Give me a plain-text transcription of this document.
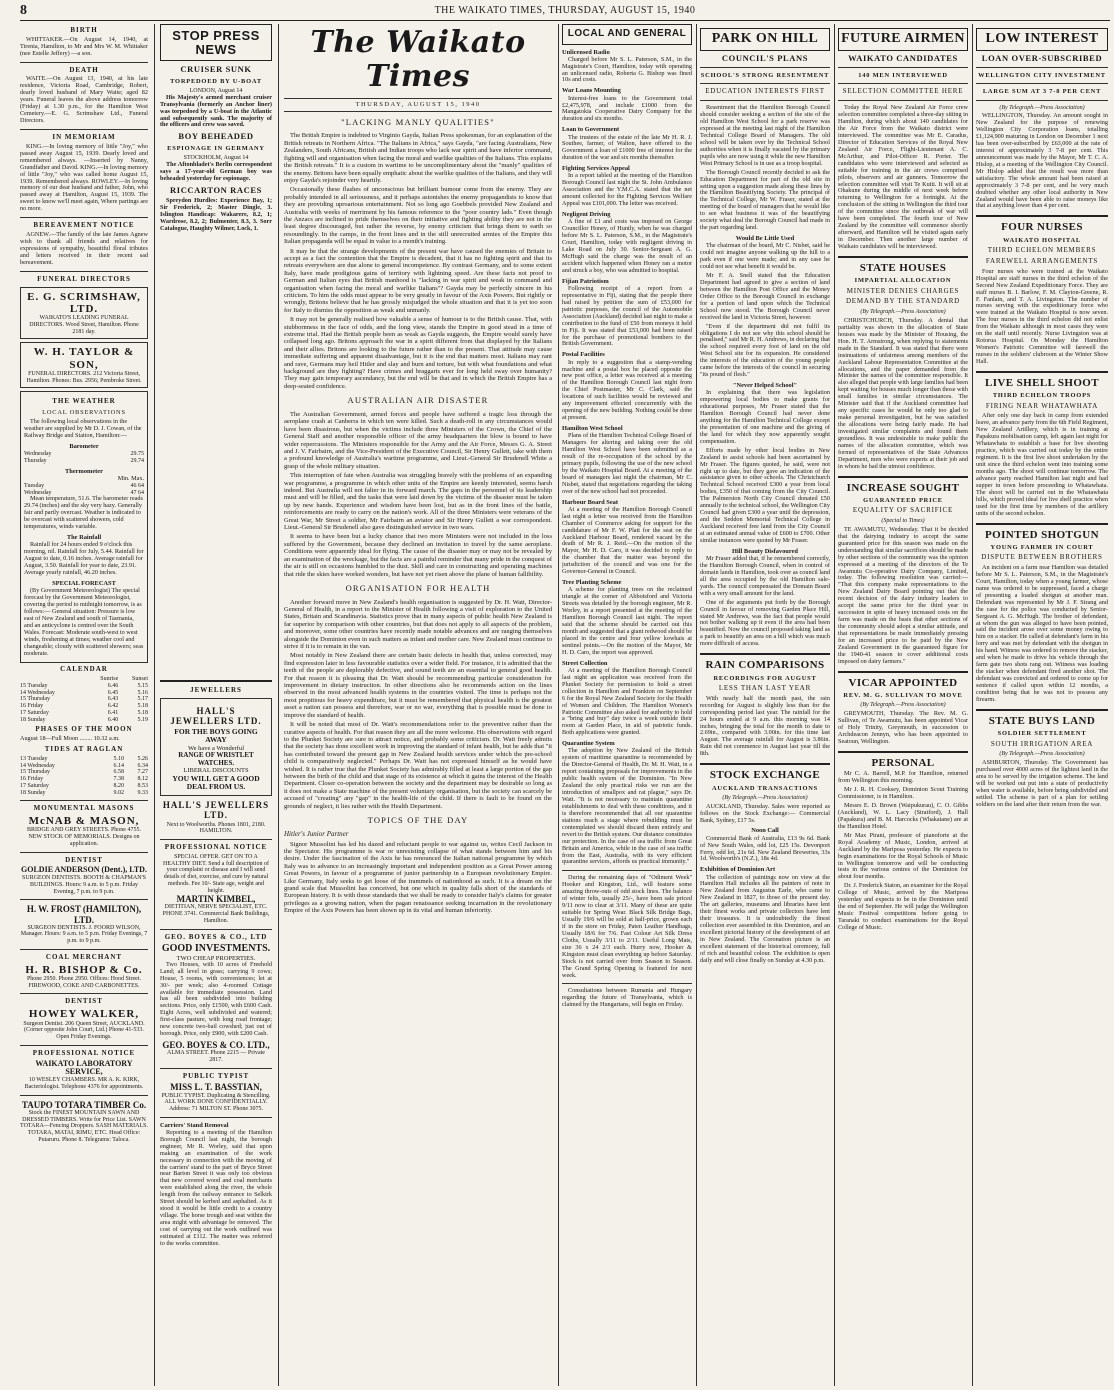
8	THE WAIKATO TIMES, THURSDAY, AUGUST 15, 1940
BIRTH

WHITTAKER.—On August 14, 1940, at Tirenia, Hamilton, to Mr and Mrs W. M. Whittaker (nee Estelle Jeffery) —a son.

DEATH

WAITE.—On August 13, 1940, at his late residence, Victoria Road, Cambridge, Robert, dearly loved husband of Mary Waite; aged 82 years. Funeral leaves the above address tomorrow (Friday) at 1.30 p.m., for the Hamilton West Cemetery.—E. G. Scrimshaw Ltd., Funeral Directors.

IN MEMORIAM

KING.—In loving memory of little "Joy," who passed away August 15, 1939. Dearly loved and remembered always. —Inserted by Nanny, Grandfather and David. KING.—In loving memory of little "Joy," who was called home August 15, 1939. Remembered always. ROWLEY.—In loving memory of our dear husband and father, John, who passed away at Hamilton, August 15, 1939. The sweet to know we'll meet again, Where partings are no more.

BEREAVEMENT NOTICE

AGNEW.—The family of the late James Agnew wish to thank all friends and relatives for expressions of sympathy, beautiful floral tributes and letters received in their recent sad bereavement.

FUNERAL DIRECTORS
E. G. SCRIMSHAW, LTD.
WAIKATO'S LEADING FUNERAL DIRECTORS. Wood Street, Hamilton. Phone 2181 day.
W. H. TAYLOR & SON,
FUNERAL DIRECTORS. 212 Victoria Street, Hamilton. Phones: Bus. 2956; Pembroke Street.
THE WEATHER
LOCAL OBSERVATIONS

The following local observations in the weather are supplied by Mr D. J. Cowan, of the Railway Bridge and Station, Hamilton:—

Barometer
Wednesday	29.75
Thursday	29.74
Thermometer
Min. Max.
Tuesday	46 64
Wednesday	47 64

Mean temperature, 51.6. The barometer reads 29.74 (inches) and the sky very hazy. Generally fair and partly overcast. Weather is indicated to be overcast with scattered showers, cold temperatures, winds variable.

The Rainfall

Rainfall for 24 hours ended 9 o'clock this morning, nil. Rainfall for July, 5.44. Rainfall for August to date, 0.16 inches. Average rainfall for August, 3.50. Rainfall for year to date, 23.91. Average yearly rainfall, 46.20 inches.

SPECIAL FORECAST

(By Government Meteorologist) The special forecast by the Government Meteorologist, covering the period to midnight tomorrow, is as follows:— General situation: Pressure is low east of New Zealand and south of Tasmania, and an anticyclone is centred over the South Wales. Forecast: Moderate south-west to west winds, freshening at times; weather cool and changeable; cloudy with scattered showers; seas moderate.

CALENDAR
	Sunrise	Sunset
15 Tuesday	6.46	5.15
14 Wednesday	6.45	5.16
15 Thursday	6.43	5.17
16 Friday	6.42	5.18
17 Saturday	6.41	5.18
18 Sunday	6.40	5.19
PHASES OF THE MOON
August 18—Full Moon ........ 10.32 a.m.
TIDES AT RAGLAN
13 Tuesday	5.10	5.26
14 Wednesday	6.14	6.34
15 Thursday	6.58	7.27
16 Friday	7.38	8.12
17 Saturday	8.20	8.53
18 Sunday	9.02	9.33
MONUMENTAL MASONS
McNAB & MASON,
BRIDGE AND GREY STREETS. Phone 4755. NEW STOCK OF MEMORIALS. Designs on application.
DENTIST
GOLDIE ANDERSON (Dent.), LTD.
SURGEON DENTISTS. BOOTH & CHAPMAN'S BUILDINGS. Hours: 9 a.m. to 5 p.m. Friday Evening, 7 p.m. to 9 p.m.
H. W. FROST (HAMILTON), LTD.
SURGEON DENTISTS. J. FOORD WILSON, Manager. Hours: 9 a.m. to 5 p.m. Friday Evenings, 7 p.m. to 9 p.m.
COAL MERCHANT
H. R. BISHOP & Co.
Phone 2950. Phone 2950. Offices: Hood Street. FIREWOOD, COKE AND CARBONETTES.
DENTIST
HOWEY WALKER,
Surgeon Dentist. 206 Queen Street, AUCKLAND. (Corner opposite John Court, Ltd.) Phone 41-533. Open Friday Evenings.
PROFESSIONAL NOTICE
WAIKATO LABORATORY SERVICE,
10 WESLEY CHAMBERS. MR A. K. KIRK, Bacteriologist. Telephone 4376 for appointments.
TAUPO TOTARA TIMBER Co.
Stock the FINEST MOUNTAIN SAWN AND DRESSED TIMBERS. Write for Price List. SAWN TOTARA—Fencing Droppers. SASH MATERIALS. TOTARA, MATAI, RIMU, ETC. Head Office: Putaruru. Phone 8. Telegrams: Taloca.
STOP PRESS NEWS
CRUISER SUNK
TORPEDOED BY U-BOAT
LONDON, August 14

His Majesty's armed merchant cruiser Transylvania (formerly an Anchor liner) was torpedoed by a U-boat in the Atlantic and subsequently sank. The majority of the officers and crew was saved.

BOY BEHEADED
ESPIONAGE IN GERMANY
STOCKHOLM, August 14

The Aftonbladet's Berlin correspondent says a 17-year-old German boy was beheaded yesterday for espionage.

RICCARTON RACES

Spreydon Hurdles: Experience Bay, 1; Sir Frederick, 2; Master Dingle, 3. Islington Handicap: Wakarere, 8.2, 1; Wardrose, 8.2, 2; Bulmenter, 8.3, 3. Sorr Catalogue, Haughty Wilmer, Lock, 1.

JEWELLERS
HALL'S JEWELLERS LTD.
FOR THE BOYS GOING AWAY
We have a Wonderful
RANGE OF WRISTLET WATCHES.
LIBERAL DISCOUNTS
YOU WILL GET A GOOD DEAL FROM US.
HALL'S JEWELLERS LTD.
Next to Woolworths. Phones 1801, 2180. HAMILTON.
PROFESSIONAL NOTICE
SPECIAL OFFER. GET ON TO A HEALTHY DIET. Send a full description of your complaint or disease and I will send details of diet, exercise, and cure by natural methods. Fee 10/- State age, weight and height.
MARTIN KIMBEL,
DIETITIAN, NERVE SPECIALIST, ETC. PHONE 3741. Commercial Bank Buildings, Hamilton.
GEO. BOYES & CO., LTD
GOOD INVESTMENTS.
TWO CHEAP PROPERTIES.

Two Houses, with 10 acres of Freehold Land; all level in grass; carrying 9 cows; House, 5 rooms, with conveniences; let at 30/- per week; also 4-roomed Cottage available for immediate possession. Land has all been subdivided into building sections. Price, only £1500, with £600 Cash. Eight Acres, well subdivided and watered; first-class pasture, with long road frontage; new concrete two-bail cowshed; just out of borough. Price, only £900, with £200 Cash.

GEO. BOYES & CO. LTD.,
ALMA STREET. Phone 2215 — Private 2817.
PUBLIC TYPIST
MISS L. T. BASSTIAN,
PUBLIC TYPIST. Duplicating & Stencilling. ALL WORK DONE CONFIDENTIALLY. Address: 71 MILTON ST. Phone 3075.
Carriers' Stand Removal

Reporting to a meeting of the Hamilton Borough Council last night, the borough engineer, Mr R. Worley, said that upon making an examination of the work necessary in connection with the moving of the carriers' stand to the part of Bryce Street near Barton Street it was only too obvious that new covered wood and coal merchants were established along the river, the whole length from the railway entrance to Selkirk Street should be kerbed and asphalted. As it stood it would be little credit to a country village. The horse trough and seat within the area might with advantage be removed. The cost of carrying out the work outlined was estimated at £112. The matter was referred to the works committee.

The Waikato Times
THURSDAY, AUGUST 15, 1940
"LACKING MANLY QUALITIES"

The British Empire is indebted to Virginio Gayda, Italian Press spokesman, for an explanation of the British retreats in Northern Africa. "The Italians in Africa," says Gayda, "are facing Australians, New Zealanders, South Africans, British and Indian troops who lack war spirit and have inferior command, fighting will and organisation when facing the moral and warlike qualities of the Italians. This explains the British retreats." It is a custom in wartime to be uncomplimentary about the "manly" qualities of the enemy. Britons have been equally emphatic about the warlike qualities of the Italians, and they will enjoy Gayda's rejoinder very heartily.

Occasionally these flashes of unconscious but brilliant humour come from the enemy. They are probably intended in all seriousness, and it perhaps astonishes the enemy propagandists to know that they are providing uproarious entertainment. Not so long ago Goebbels provided New Zealand and Australia with weeks of merriment by his famous reference to the "poor country lads." Even though the Anzacs are inclined to pride themselves on their initiative and fighting ability they are not in the least degree discouraged, but rather the reverse, by enemy criticism that brings them to earth so resoundingly. In the camps, in the front lines and in the still unrecruited armies of the Empire this Italian propaganda will be equal in value to a month's training.

It may be that the strange developments of the present war have caused the enemies of Britain to accept as a fact the contention that the Empire is decadent, that it has no fighting spirit and that its retreats everywhere are due alone to general incompetence. By contrast Germany, and to some extent Italy, have made prodigious gains of territory with lightning speed. Are these facts not proof to German and Italian eyes that British manhood is "lacking in war spirit and weak in command and organisation when facing the moral and warlike Italians"? Gayda may be perfectly sincere in his criticism. To him the odds must appear to be very greatly in favour of the Axis Powers. But rightly or wrongly, Britons believe that he has grossly misjudged the whole situation and that it is yet too soon for Italy to dismiss the opposition as weak and unmanly.

It may not be generally realised how valuable a sense of humour is to the British cause. That, with stubbornness in the face of odds, and the long view, stands the Empire in good stead in a time of extreme trial. Had the British people been as weak as Gayda suggests, the Empire would surely have collapsed long ago. Britons approach the war in a spirit different from that displayed by the Italians and their allies. Britons are looking to the future rather than to the present. That attitude may cause immediate suffering and apparent disadvantage, but it is the end that matters most. Italians may rant and rave, Germans may heil Hitler and slay and burn and torture, but with what foundations and what background are they fighting? Have crimes and braggarts ever for long held sway over humanity? They may gain temporary ascendancy, but the end will be that and in which the British Empire has a deep-seated confidence.

AUSTRALIAN AIR DISASTER

The Australian Government, armed forces and people have suffered a tragic loss through the aeroplane crash at Canberra in which ten were killed. Such a death-roll in any circumstances would have been disastrous, but when the victims include three Ministers of the Crown, the Chief of the General Staff and another responsible officer of the army headquarters the blow is bound to have wider repercussions. The Ministers responsible for the Army and the Air Force, Messrs G. A. Street and J. V. Fairbairn, and the Vice-President of the Executive Council, Sir Henry Gullett, take with them a profound knowledge of Australia's wartime programme, and Lieut.-General Sir Brudenell White a grasp of the whole military situation.

This interruption of fate when Australia was struggling bravely with the problems of an expanding war programme, a programme in which other units of the Empire are keenly interested, seems harsh indeed. But Australia will not falter in its forward march. The gaps in the personnel of its leadership must and will be filled, and the tasks that were laid down by the victims of the disaster must be taken up by new hands. Experience and wisdom have been lost, but as in the front lines of the battle, reinforcements are ready to carry on the nation's work. All of the three Ministers were veterans of the Great War, Mr Street a soldier, Mr Fairbairn an aviator and Sir Henry Gullett a war correspondent. Lieut.-General Sir Brudenell also gave distinguished service in two wars.

It seems to have been but a lucky chance that two more Ministers were not included in the loss suffered by the Government, because they declined an invitation to travel by the same aeroplane. Conditions were apparently ideal for flying. The cause of the disaster may or may not be revealed by an examination of the wreckage, but the facts are a painful reminder that many pride in the conquest of the air is still on occasions humbled to the dust. Skill and care in constructing and operating machines that ride the skies have worked wonders, but have not yet risen above the plane of human fallibility.

ORGANISATION FOR HEALTH

Another forward move in New Zealand's health organisation is suggested by Dr. H. Watt, Director-General of Health, in a report to the Minister of Health following a visit of exploration to the United States, Britain and Scandinavia. Statistics prove that in many aspects of public health New Zealand is far superior by comparison with other countries, but that does not apply to all aspects of the problem, and moreover, some other countries have recently made notable advances and are ranging themselves alongside the Dominion even in such matters as infant and mother care. New Zealand must continue to strive if it is to remain in the van.

Most notably in New Zealand there are certain basic defects in health that, unless corrected, may find expression later in less favourable statistics over a wider field. For instance, it is admitted that the teeth of the people are deplorably defective, and sound teeth are an essential to general good health. For that reason it is pleasing that Dr. Watt should be recommending particular consideration for improvement in dietary instruction. In other directions also he recommends action on the lines observed in the most advanced health systems in the countries visited. The time is perhaps not the most propitious for heavy expenditure, but it must be remembered that physical health is the greatest asset a nation can possess and therefore, war or no war, everything that is possible must be done to improve the standard of health.

It will be noted that most of Dr. Watt's recommendations refer to the preventive rather than the curative aspects of health. For that reason they are all the more welcome. His observations with regard to the Plunket Society are sure to attract notice, and probably some criticism. Dr. Watt freely admits that the society has done excellent work in improving the standard of infant health, but he adds that "it has contributed toward the present gap in New Zealand health services under which the pre-school child is comparatively neglected." Perhaps Dr. Watt has not expressed himself as he would have wished. It is rather true that the Plunket Society has admirably filled at least a large portion of the gap between the birth of the child and that stage of its existence at which it gains the interest of the Health Department. Closer co-operation between the society and the department may be desirable so long as it does not make a State machine of the present voluntary organisation, but the society can scarcely be accused of "creating" any "gap" in the health-life of the child. If there is fault to be found on the grounds of neglect, it lies rather with the Health Department.

TOPICS OF THE DAY
Hitler's Junior Partner

Signor Mussolini has led his dazed and reluctant people to war against us, writes Cecil Jackson in the Spectator. His programme is war or unresisting collapse of what stands between him and his desire. Under the fascination of the Axis he has renounced the Italian national programme by which Italy was to advance to an increasingly important and independent position as a Great Power among Great Powers, in favour of a programme of junior partnership in a European revolutionary Empire. Like Germany, Italy seeks to get loose of the trammels of nationhood as such. It is a dream on the grand scale that Mussolini has conceived, but one which in quality falls short of the standards of European history. It is with those standards that we shall be ready to consider Italy's claims for greater privileges as a growing nation, when the pagan renaissance seeking incarnation in the revolutionary Empire of the Axis Powers has been shown up in its vital and human inferiority.

LOCAL AND GENERAL
Unlicensed Radio

Charged before Mr S. L. Paterson, S.M., in the Magistrate's Court, Hamilton, today with operating an unlicensed radio, Roberta G. Bishop was fined 10s and costs.

War Loans Mounting

Interest-free loans to the Government total £2,475,978, and include £1000 from the Mangatokia Cooperative Dairy Company for the duration and six months.

Loan to Government

The trustees of the estate of the late Mr H. R. J. Southee, farmer, of Walton, have offered to the Government a loan of £1000 free of interest for the duration of the war and six months thereafter.

Fighting Services Appeal

In a report tabled at the meeting of the Hamilton Borough Council last night the St. John Ambulance Association and the Y.M.C.A. stated that the net amount collected for the Fighting Services Welfare Appeal was £101,000. The letter was received.

Negligent Driving

A fine of £1 and costs was imposed on George Councillor Honey, of Huntly, when he was charged before Mr S. L. Paterson, S.M., in the Magistrate's Court, Hamilton, today with negligent driving in Lake Road on July 30. Senior-Sergeant A. G. McHugh said the charge was the result of an accident which happened when Honey ran a motor and struck a boy, who was admitted to hospital.

Fijian Patriotism

Following receipt of a report from a representative in Fiji, stating that the people there had raised by petition the sum of £53,000 for patriotic purposes, the council of the Automobile Association (Auckland) decided last night to make a contribution to the fund of £50 from moneys it held in Fiji. It was stated that £53,000 had been raised for the purchase of promotional bombers to the British Government.

Postal Facilities

In reply to a suggestion that a stamp-vending machine and a postal box be placed opposite the new post office, a letter was received at a meeting of the Hamilton Borough Council last night from the Chief Postmaster, Mr C. Clark, said the locations of such facilities would be reviewed and any improvement effected concurrently with the opening of the new building. Nothing could be done at present.

Hamilton West School

Plans of the Hamilton Technical College Board of Managers for altering and taking over the old Hamilton West School have been submitted as a result of the re-occupation of the school by the primary pupils, following the use of the new school by the Waikato Hospital Board. At a meeting of the board of managers last night the chairman, Mr C. Nisbet, stated that negotiations regarding the taking over of the new school had not proceeded.

Harbour Board Seat

At a meeting of the Hamilton Borough Council last night a letter was received from the Hamilton Chamber of Commerce asking for support for the candidature of Mr F. W. Platt for the seat on the Auckland Harbour Board, rendered vacant by the death of Mr R. J. Reid.—On the motion of the Mayor, Mr H. D. Caro, it was decided to reply to the chamber that the matter was beyond the jurisdiction of the council and was one for the Governor-General in Council.

Tree Planting Scheme

A scheme for planting trees on the reclaimed triangle at the corner of Abbotsford and Victoria Streets was detailed by the borough engineer, Mr R. Worley, in a report presented at the meeting of the Hamilton Borough Council last night. The report said that the scheme should be carried out this month and suggested that a giant redwood should be placed in the centre and four yellow kowhais at sentinel points.—On the motion of the Mayor, Mr H. D. Caro, the report was approved.

Street Collection

At a meeting of the Hamilton Borough Council last night an application was received from the Plunket Society for permission to hold a street collection in Hamilton and Frankton on September 6 for the Royal New Zealand Society for the Health of Women and Children. The Hamilton Women's Patriotic Committee also asked for authority to hold a "bring and buy" day twice a week outside their room at Garden Place, in aid of patriotic funds. Both applications were granted.

Quarantine System

The adoption by New Zealand of the British system of maritime quarantine is recommended by the Director-General of Health, Dr. M. H. Watt, in a report containing proposals for improvements in the public health system of the Dominion. "In New Zealand the only practical risks we run are the introduction of smallpox and rat plague," says Dr. Watt. "It is not necessary to maintain quarantine establishments to deal with these conditions, and it is therefore recommended that all our quarantine stations reach a stage where rebuilding must be contemplated we should discard them entirely and revert to the British system. Our distance constitutes our protection. In the case of sea traffic from Great Britain and America, while in the case of sea traffic from the East, Australia, with its very efficient quarantine services, affords us practical immunity."

During the remaining days of "Odiment Week" Hooker and Kingston, Ltd., will feature some amazing throw-outs of odd stock lines. The balance of winter felts, usually 25/-, have been sale priced 9/11 now to clear at 3/11. Many of these are quite suitable for Spring Wear. Black Silk Bridge Bags, Usually 19/6 will be sold at half-price, grown each if in the store on Friday, Paten Leather Handbags, Usually 18/6 for 7/6. Fast Colour Art Silk Dress Cloths, Usually 3/11 to 2/11. Useful Long Mats, size 36 x 24 2/3 each. Hurry now, Hooker & Kingston must clean everything up before Saturday. Stock is not carried over from Season to Season. The Grand Spring Opening is featured for next week.

Consultations between Rumania and Hungary regarding the future of Transylvania, which is claimed by the Hungarians, will begin on Friday.

PARK ON HILL
COUNCIL'S PLANS
SCHOOL'S STRONG RESENTMENT
EDUCATION INTERESTS FIRST

Resentment that the Hamilton Borough Council should consider seeking a section of the site of the old Hamilton West School for a park reserve was expressed at the meeting last night of the Hamilton Technical College Board of Managers. The old school will be taken over by the Technical School authorities when it is finally vacated by the primary pupils who are now using it while the new Hamilton West Primary School is in use as a troop hospital.

The Borough Council recently decided to ask the Education Department for part of the old site in setting upon a suggestion made along these lines by the Hamilton Beautifying Society. The principal of the Technical College, Mr W. Fraser, stated at the meeting of the board of managers that he would like to see what business it was of the beautifying society what deal the Borough Council had made in the part regarding land.

Would Be Little Used

The chairman of the board, Mr C. Nisbet, said he could not imagine anyone walking up the hill to a park even if one were made; and in any case he could not see what benefit it would be.

Mr F. A. Snell stated that the Education Department had agreed to give a section of land between the Hamilton Post Office and the Money Order Office to the Borough Council in exchange for a portion of land upon which the Technical School now stood. The Borough Council never received the land in Victoria Street, however.

"Even if the department did not fulfil its obligations I do not see why this school should be penalised," said Mr R. H. Andrews, in declaring that the school required every foot of land on the old West School site for its expansion. He considered the interests of the education of the young people came before the interests of the council in securing "its pound of flesh."

"Never Helped School"

In explaining that there was legislation empowering local bodies to make grants for educational purposes, Mr Fraser stated that the Hamilton Borough Council had never done anything for the Hamilton Technical College except the presentation of one machine and the giving of the land for which they now apparently sought compensation.

Efforts made by other local bodies in New Zealand to assist schools had been ascertained by Mr Fraser. The figures quoted, he said, were not right up to date, but they gave an indication of the assistance given to other schools. The Christchurch Technical School received £300 a year from local bodies, £350 of that coming from the City Council. The Palmerston North City Council donated £50 annually to the technical school, the Wellington City Council had given £300 a year until the depression, and the Seddon Memorial Technical College in Auckland received free land from the City Council at an estimated annual value of £600 to £700. Other similar instances were quoted by Mr Fraser.

Hill Beauty Disfavoured

Mr Fraser added that, if he remembered correctly, the Hamilton Borough Council, when in control of domain lands in Hamilton, took over as council land all the area occupied by the old Hamilton sale-yards. The council compensated the Domain Board with a very small amount for the land.

One of the arguments put forth by the Borough Council in favour of removing Garden Place Hill, stated Mr Andrews, was the fact that people would not bother walking up it even if the area had been beautified. Now the council proposed taking land as a park to beautify an area on a hill which was much more difficult of access.

RAIN COMPARISONS
RECORDINGS FOR AUGUST
LESS THAN LAST YEAR

With nearly half the month past, the rain recording for August is slightly less than for the corresponding period last year. The rainfall for the 24 hours ended at 9 a.m. this morning was 14 inches, bringing the total for the month to date to 2.69in., compared with 3.00in. for this time last August. The average rainfall for August is 3.86in. Rain did not commence in August last year till the 8th.

STOCK EXCHANGE
AUCKLAND TRANSACTIONS
(By Telegraph.—Press Association)

AUCKLAND, Thursday. Sales were reported as follows on the Stock Exchange:— Commercial Bank, Sydney, £17 5s.

Noon Call

Commercial Bank of Australia, £13 9s 6d. Bank of New South Wales, odd lot, £25 15s. Devonport Ferry, odd lot, 21s 6d. New Zealand Breweries, 33s 1d. Woolworth's (N.Z.), 18s 4d.

Exhibition of Dominion Art

The collection of paintings now on view at the Hamilton Hall includes all the painters of note in New Zealand from Augustus Earle, who came to New Zealand in 1827, to those of the present day. The art galleries, museums and libraries have lent their finest works and private collectors have lent their treasures. It is undoubtedly the finest collection ever assembled in this Dominion, and an excellent pictorial history of the development of art in New Zealand. The Coronation picture is an excellent statement of the historical ceremony, full of rich and beautiful colour. The exhibition is open daily and will close finally on Sunday at 4.30 p.m.

FUTURE AIRMEN
WAIKATO CANDIDATES
140 MEN INTERVIEWED
SELECTION COMMITTEE HERE

Today the Royal New Zealand Air Force crew selection committee completed a three-day sitting in Hamilton, during which about 140 candidates for the Air Force from the Waikato district were interviewed. The committee was Mr E. Caradus, Director of Education Services of the Royal New Zealand Air Force, Flight-Lieutenant A. C. McArthur, and Pilot-Officer R. Porter. The candidates who were interviewed and selected as suitable for training in the air crews comprised pilots, observers and air gunners. Tomorrow the selection committee will visit Te Kuiti. It will sit at Ohakune during the middle of next week before returning to Wellington for a fortnight. At the conclusion of the sitting in Wellington the third tour of the committee since the outbreak of war will have been completed. The fourth tour of New Zealand by the committee will commence shortly afterward, and Hamilton will be visited again early in December. Then another large number of Waikato candidates will be interviewed.

STATE HOUSES
IMPARTIAL ALLOCATION
MINISTER DENIES CHARGES
DEMAND BY THE STANDARD
(By Telegraph.—Press Association)

CHRISTCHURCH, Thursday. A denial that partiality was shown in the allocation of State houses was made by the Minister of Housing, the Hon. H. T. Armstrong, when replying to statements made in the Standard. It was stated that there were insinuations of unfairness among members of the Auckland Labour Representation Committee at the allocations, and the paper demanded from the Minister the names of the committee responsible. It also alleged that people with large families had been kept waiting for houses much longer than those with small families in similar circumstances. The Minister said that if the Auckland committee had any specific cases he would be only too glad to make personal investigation, but he was satisfied the allocations were being fairly made. He had investigated similar complaints and found them groundless. It was undesirable to make public the names of the allocation committee, which was formed of representatives of the State Advances Department, men who were experts at their job and in whom he had the utmost confidence.

INCREASE SOUGHT
GUARANTEED PRICE
EQUALITY OF SACRIFICE
(Special to Times)

TE AWAMUTU, Wednesday. That it be decided that the dairying industry to accept the same guaranteed price for this season was made on the understanding that similar sacrifices should be made by other sections of the community was the opinion expressed at a meeting of the directors of the Te Awamutu Co-operative Dairy Company, Limited, today. The following resolution was carried:— "That this company make representations to the New Zealand Dairy Board pointing out that the recent decision of the dairy industry leaders to accept the same price for the third year in succession in spite of heavy increased costs on the farm was made on the basis that other sections of the community should adopt a similar attitude, and that representations be made immediately pressing for an increased price to be paid by the New Zealand Government in the guaranteed figure for the 1940-41 season to cover additional costs imposed on dairy farmers."

VICAR APPOINTED
REV. M. G. SULLIVAN TO MOVE
(By Telegraph.—Press Association)

GREYMOUTH, Thursday. The Rev. M. G. Sullivan, of Te Awamutu, has been appointed Vicar of Holy Trinity, Greymouth, in succession to Archdeacon Jennyn, who has been appointed to Seatoun, Wellington.

PERSONAL

Mr C. A. Barrell, M.P. for Hamilton, returned from Wellington this morning.

Mr J. R. H. Cooksey, Dominion Scout Training Commissioner, is in Hamilton.

Messrs E. D. Brown (Waipukurau), C. O. Gibbs (Auckland), W. L. Lacy (Stratford), J. Hall (Papakura) and B. M. Harcocks (Whakatane) are at the Hamilton Hotel.

Mr Max Pirani, professor of pianoforte at the Royal Academy of Music, London, arrived at Auckland by the Mariposa yesterday. He expects to begin examinations for the Royal Schools of Music in Wellington tomorrow and will be conducting tests in the various centres of the Dominion for about four months.

Dr. J. Frederick Staton, an examiner for the Royal College of Music, arrived by the Mariposa yesterday and expects to be in the Dominion until the end of September. He will judge the Wellington Music Festival competitions before going to Taranaki to conduct examinations for the Royal College of Music.

LOW INTEREST
LOAN OVER-SUBSCRIBED
WELLINGTON CITY INVESTMENT
LARGE SUM AT 3 7-8 PER CENT
(By Telegraph.—Press Association)

WELLINGTON, Thursday. An amount sought in New Zealand for the purpose of renewing Wellington City Corporation loans, totalling £1,124,900 maturing in London on December 1 next has been over-subscribed by £63,000 at the rate of interest of approximately 3 7-8 per cent. This announcement was made by the Mayor, Mr T. C. A. Hislop, at a meeting of the Wellington City Council. Mr Hislop added that the result was more than satisfactory. The whole amount had been raised at approximately 3 7-8 per cent, and he very much doubted whether any other local authority in New Zealand would have been able to raise moneys like that at anything lower than 4 per cent.

FOUR NURSES
WAIKATO HOSPITAL
THIRD ECHELON MEMBERS
FAREWELL ARRANGEMENTS

Four nurses who were trained at the Waikato Hospital are staff nurses in the third echelon of the Second New Zealand Expeditionary Force. They are staff nurses B. I. Barlow, F. M. Clayton-Greene, R. F. Fanlain, and T. A. Livingston. The number of nurses serving with the expeditionary force who were trained at the Waikato Hospital is now seven. The four nurses in the third echelon did not enlist from the Waikato although in most cases they were on the staff until recently. Nurse Livingston was at Rotorua Hospital. On Monday the Hamilton Women's Patriotic Committee will farewell the nurses in the soldiers' clubroom at the Winter Show Hall.

LIVE SHELL SHOOT
THIRD ECHELON TROOPS
FIRING NEAR WHATAWHATA

After only one day back in camp from extended leave, an advance party from the 6th Field Regiment, New Zealand Artillery, which is in training at Papakura mobilisation camp, left again last night for Whatawhata to establish a base for live shooting practice, which was carried out today by the entire regiment. It is the first live shoot undertaken by the unit since the third echelon went into training some months ago. The shoot will continue tomorrow. The advance party reached Hamilton last night and had supper in town before proceeding to Whatawhata. The shoot will be carried out in the Whatawhata hills, which proved ideal for live shell practice when used for the first time by members of the artillery units of the second echelon.

POINTED SHOTGUN
YOUNG FARMER IN COURT
DISPUTE BETWEEN BROTHERS

An incident on a farm near Hamilton was detailed before Mr S. L. Paterson, S.M., in the Magistrate's Court, Hamilton, today when a young farmer, whose name was ordered to be suppressed, faced a charge of presenting a loaded shotgun at another man. Defendant was represented by Mr J. F. Strang and the case for the police was conducted by Senior-Sergeant A. G. McHugh. The brother of defendant, at whom the gun was alleged to have been pointed, said the incident arose over some money owing to him on a stacker. He called at defendant's farm in his lorry and was met by defendant with the shotgun in his hand. Witness was ordered to remove the stacker, and when he made to drive his vehicle through the farm gate two shots rang out. Witness was loading the stacker when defendant fired another shot. The defendant was convicted and ordered to come up for sentence if called upon within 12 months, a condition being that he was not to possess any firearm.

STATE BUYS LAND
SOLDIER SETTLEMENT
SOUTH IRRIGATION AREA
(By Telegraph.—Press Association)

ASHBURTON, Thursday. The Government has purchased over 4000 acres of the lightest land in the area to be served by the irrigation scheme. The land will be worked out put into a state of productivity when water is available, before being subdivided and settled. The scheme is part of a plan for settling soldiers on the land after their return from the war.
